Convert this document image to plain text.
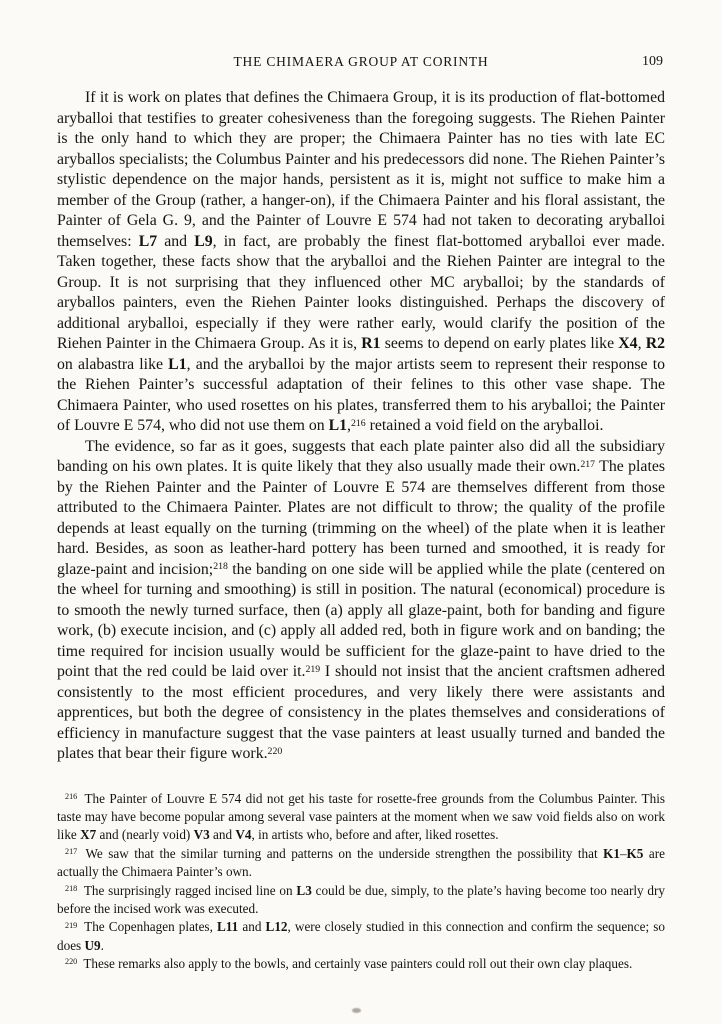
THE CHIMAERA GROUP AT CORINTH	109

If it is work on plates that defines the Chimaera Group, it is its production of flat-bottomed aryballoi that testifies to greater cohesiveness than the foregoing suggests. The Riehen Painter is the only hand to which they are proper; the Chimaera Painter has no ties with late EC aryballos specialists; the Columbus Painter and his predecessors did none. The Riehen Painter’s stylistic dependence on the major hands, persistent as it is, might not suffice to make him a member of the Group (rather, a hanger-on), if the Chimaera Painter and his floral assistant, the Painter of Gela G. 9, and the Painter of Louvre E 574 had not taken to decorating aryballoi themselves: L7 and L9, in fact, are probably the finest flat-bottomed aryballoi ever made. Taken together, these facts show that the aryballoi and the Riehen Painter are integral to the Group. It is not surprising that they influenced other MC aryballoi; by the standards of aryballos painters, even the Riehen Painter looks distinguished. Perhaps the discovery of additional aryballoi, especially if they were rather early, would clarify the position of the Riehen Painter in the Chimaera Group. As it is, R1 seems to depend on early plates like X4, R2 on alabastra like L1, and the aryballoi by the major artists seem to represent their response to the Riehen Painter’s successful adaptation of their felines to this other vase shape. The Chimaera Painter, who used rosettes on his plates, transferred them to his aryballoi; the Painter of Louvre E 574, who did not use them on L1,$^{216}$ retained a void field on the aryballoi.

The evidence, so far as it goes, suggests that each plate painter also did all the subsidiary banding on his own plates. It is quite likely that they also usually made their own.$^{217}$ The plates by the Riehen Painter and the Painter of Louvre E 574 are themselves different from those attributed to the Chimaera Painter. Plates are not difficult to throw; the quality of the profile depends at least equally on the turning (trimming on the wheel) of the plate when it is leather hard. Besides, as soon as leather-hard pottery has been turned and smoothed, it is ready for glaze-paint and incision;$^{218}$ the banding on one side will be applied while the plate (centered on the wheel for turning and smoothing) is still in position. The natural (economical) procedure is to smooth the newly turned surface, then (a) apply all glaze-paint, both for banding and figure work, (b) execute incision, and (c) apply all added red, both in figure work and on banding; the time required for incision usually would be sufficient for the glaze-paint to have dried to the point that the red could be laid over it.$^{219}$ I should not insist that the ancient craftsmen adhered consistently to the most efficient procedures, and very likely there were assistants and apprentices, but both the degree of consistency in the plates themselves and considerations of efficiency in manufacture suggest that the vase painters at least usually turned and banded the plates that bear their figure work.$^{220}$

$^{216}$ The Painter of Louvre E 574 did not get his taste for rosette-free grounds from the Columbus Painter. This taste may have become popular among several vase painters at the moment when we saw void fields also on work like X7 and (nearly void) V3 and V4, in artists who, before and after, liked rosettes.

$^{217}$ We saw that the similar turning and patterns on the underside strengthen the possibility that K1–K5 are actually the Chimaera Painter’s own.

$^{218}$ The surprisingly ragged incised line on L3 could be due, simply, to the plate’s having become too nearly dry before the incised work was executed.

$^{219}$ The Copenhagen plates, L11 and L12, were closely studied in this connection and confirm the sequence; so does U9.

$^{220}$ These remarks also apply to the bowls, and certainly vase painters could roll out their own clay plaques.
